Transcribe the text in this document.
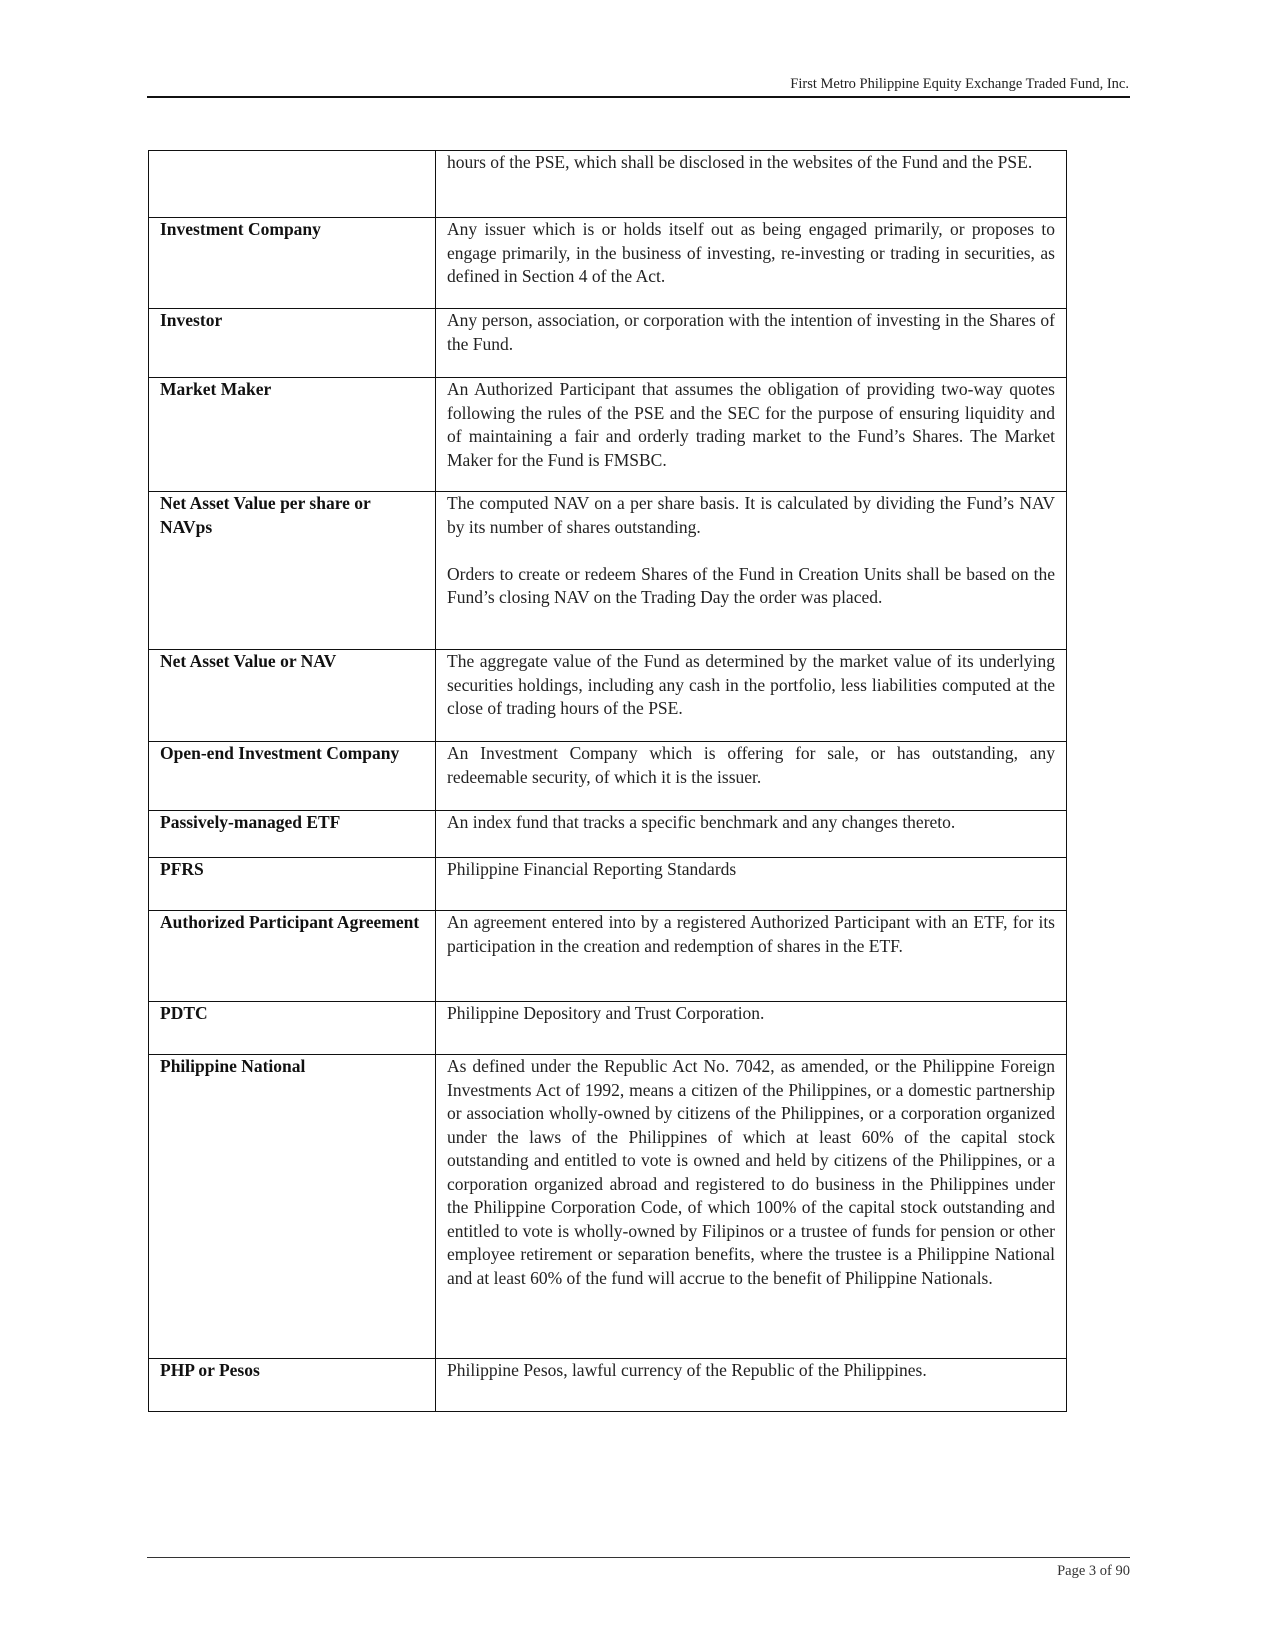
First Metro Philippine Equity Exchange Traded Fund, Inc.

	hours of the PSE, which shall be disclosed in the websites of the Fund and the PSE.

Investment Company	Any issuer which is or holds itself out as being engaged primarily, or proposes to engage primarily, in the business of investing, re-investing or trading in securities, as defined in Section 4 of the Act.

Investor	Any person, association, or corporation with the intention of investing in the Shares of the Fund.

Market Maker	An Authorized Participant that assumes the obligation of providing two-way quotes following the rules of the PSE and the SEC for the purpose of ensuring liquidity and of maintaining a fair and orderly trading market to the Fund’s Shares. The Market Maker for the Fund is FMSBC.

Net Asset Value per share or NAVps	The computed NAV on a per share basis. It is calculated by dividing the Fund’s NAV by its number of shares outstanding.

Orders to create or redeem Shares of the Fund in Creation Units shall be based on the Fund’s closing NAV on the Trading Day the order was placed.

Net Asset Value or NAV	The aggregate value of the Fund as determined by the market value of its underlying securities holdings, including any cash in the portfolio, less liabilities computed at the close of trading hours of the PSE.

Open-end Investment Company	An Investment Company which is offering for sale, or has outstanding, any redeemable security, of which it is the issuer.

Passively-managed ETF	An index fund that tracks a specific benchmark and any changes thereto.

PFRS	Philippine Financial Reporting Standards

Authorized Participant Agreement	An agreement entered into by a registered Authorized Participant with an ETF, for its participation in the creation and redemption of shares in the ETF.

PDTC	Philippine Depository and Trust Corporation.

Philippine National	As defined under the Republic Act No. 7042, as amended, or the Philippine Foreign Investments Act of 1992, means a citizen of the Philippines, or a domestic partnership or association wholly-owned by citizens of the Philippines, or a corporation organized under the laws of the Philippines of which at least 60% of the capital stock outstanding and entitled to vote is owned and held by citizens of the Philippines, or a corporation organized abroad and registered to do business in the Philippines under the Philippine Corporation Code, of which 100% of the capital stock outstanding and entitled to vote is wholly-owned by Filipinos or a trustee of funds for pension or other employee retirement or separation benefits, where the trustee is a Philippine National and at least 60% of the fund will accrue to the benefit of Philippine Nationals.

PHP or Pesos	Philippine Pesos, lawful currency of the Republic of the Philippines.

Page 3 of 90
